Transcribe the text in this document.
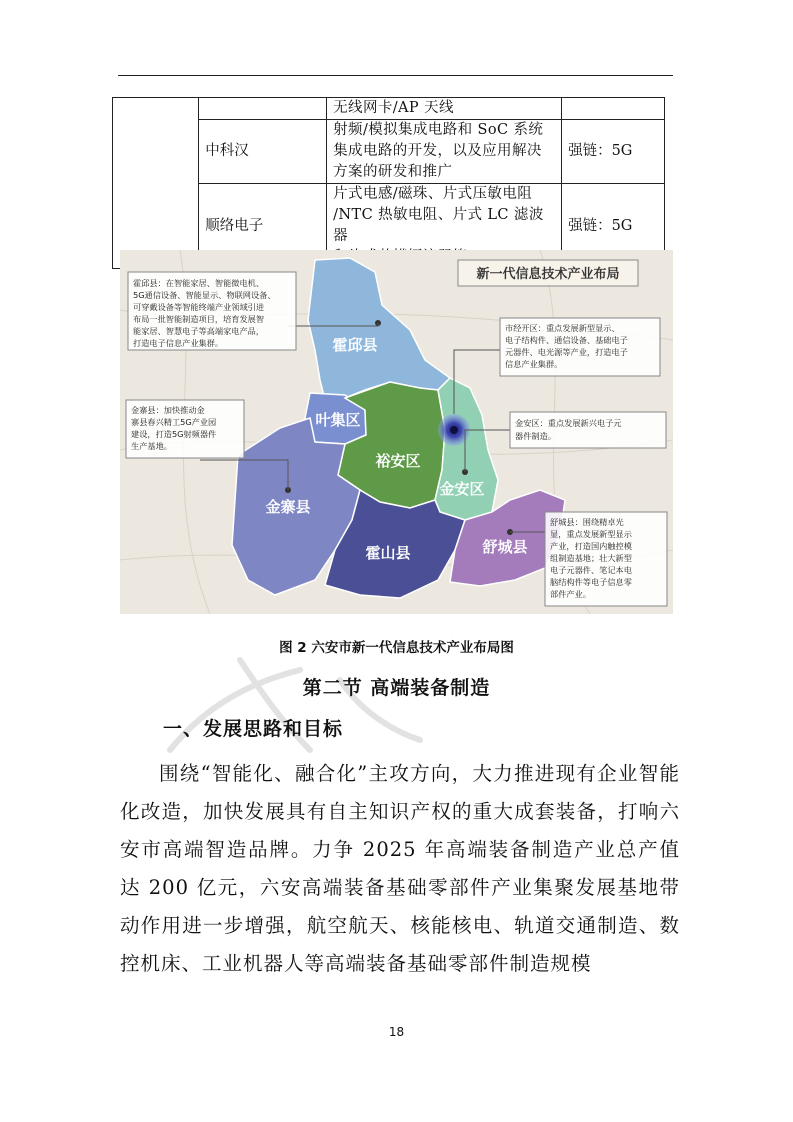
		无线网卡/AP 天线	

	中科汉	射频/模拟集成电路和 SoC 系统
集成电路的开发，以及应用解决
方案的研发和推广	强链：5G
	顺络电子	片式电感/磁珠、片式压敏电阻
/NTC 热敏电阻、片式 LC 滤波器	强链：5G
霍邱县
叶集区
裕安区
金安区
金寨县
霍山县	舒城县
新一代信息技术产业布局
霍邱县：在智能家居、智能微电机、
5G通信设备、智能显示、物联网设备、
可穿戴设备等智能终端产业领域引进
布局一批智能制造项目，培育发展智
能家居、智慧电子等高端家电产品，
打造电子信息产业集群。
市经开区：重点发展新型显示、
电子结构件、通信设备、基础电子
元器件、电光源等产业，打造电子
信息产业集群。
金寨县：加快推动金
寨县春兴精工5G产业园
建设，打造5G射频器件
生产基地。
金安区：重点发展新兴电子元
器件制造。
舒城县：围绕精卓光
显，重点发展新型显示
产业，打造国内触控模
组制造基地；壮大新型
电子元器件、笔记本电
脑结构件等电子信息零
部件产业。
图 2 六安市新一代信息技术产业布局图
第二节 高端装备制造
一、发展思路和目标

围绕“智能化、融合化”主攻方向，大力推进现有企业智能化改造，加快发展具有自主知识产权的重大成套装备，打响六安市高端智造品牌。力争 2025 年高端装备制造产业总产值达 200 亿元，六安高端装备基础零部件产业集聚发展基地带动作用进一步增强，航空航天、核能核电、轨道交通制造、数控机床、工业机器人等高端装备基础零部件制造规模

18
